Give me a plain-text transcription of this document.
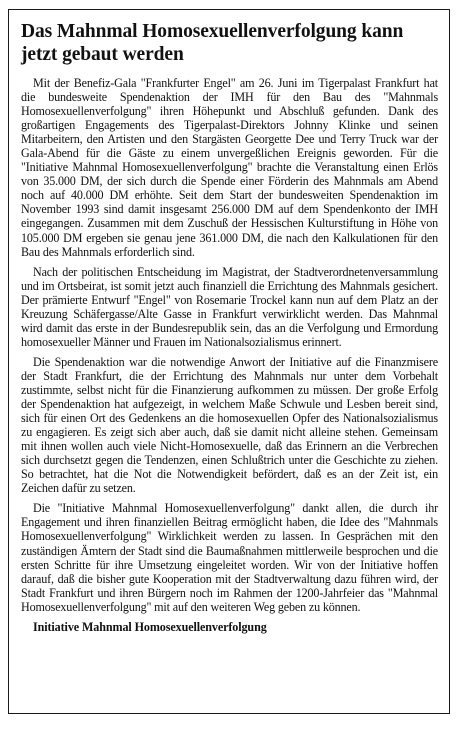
Das Mahnmal Homosexuellenverfolgung kann jetzt gebaut werden

Mit der Benefiz-Gala "Frankfurter Engel" am 26. Juni im Tigerpalast Frankfurt hat die bundesweite Spendenaktion der IMH für den Bau des "Mahnmals Homosexuellenverfolgung" ihren Höhepunkt und Abschluß gefunden. Dank des großartigen Engagements des Tigerpalast-Direktors Johnny Klinke und seinen Mitarbeitern, den Artisten und den Stargästen Georgette Dee und Terry Truck war der Gala-Abend für die Gäste zu einem unvergeßlichen Ereignis geworden. Für die "Initiative Mahnmal Homosexuellenverfolgung" brachte die Veranstaltung einen Erlös von 35.000 DM, der sich durch die Spende einer Förderin des Mahnmals am Abend noch auf 40.000 DM erhöhte. Seit dem Start der bundesweiten Spendenaktion im November 1993 sind damit insgesamt 256.000 DM auf dem Spendenkonto der IMH eingegangen. Zusammen mit dem Zuschuß der Hessischen Kulturstiftung in Höhe von 105.000 DM ergeben sie genau jene 361.000 DM, die nach den Kalkulationen für den Bau des Mahnmals erforderlich sind.

Nach der politischen Entscheidung im Magistrat, der Stadtverordnetenversammlung und im Ortsbeirat, ist somit jetzt auch finanziell die Errichtung des Mahnmals gesichert. Der prämierte Entwurf "Engel" von Rosemarie Trockel kann nun auf dem Platz an der Kreuzung Schäfergasse/Alte Gasse in Frankfurt verwirklicht werden. Das Mahnmal wird damit das erste in der Bundesrepublik sein, das an die Verfolgung und Ermordung homosexueller Männer und Frauen im Nationalsozialismus erinnert.

Die Spendenaktion war die notwendige Anwort der Initiative auf die Finanzmisere der Stadt Frankfurt, die der Errichtung des Mahnmals nur unter dem Vorbehalt zustimmte, selbst nicht für die Finanzierung aufkommen zu müssen. Der große Erfolg der Spendenaktion hat aufgezeigt, in welchem Maße Schwule und Lesben bereit sind, sich für einen Ort des Gedenkens an die homosexuellen Opfer des Nationalsozialismus zu engagieren. Es zeigt sich aber auch, daß sie damit nicht alleine stehen. Gemeinsam mit ihnen wollen auch viele Nicht-Homosexuelle, daß das Erinnern an die Verbrechen sich durchsetzt gegen die Tendenzen, einen Schlußtrich unter die Geschichte zu ziehen. So betrachtet, hat die Not die Notwendigkeit befördert, daß es an der Zeit ist, ein Zeichen dafür zu setzen.

Die "Initiative Mahnmal Homosexuellenverfolgung" dankt allen, die durch ihr Engagement und ihren finanziellen Beitrag ermöglicht haben, die Idee des "Mahnmals Homosexuellenverfolgung" Wirklichkeit werden zu lassen. In Gesprächen mit den zuständigen Ämtern der Stadt sind die Baumaßnahmen mittlerweile besprochen und die ersten Schritte für ihre Umsetzung eingeleitet worden. Wir von der Initiative hoffen darauf, daß die bisher gute Kooperation mit der Stadtverwaltung dazu führen wird, der Stadt Frankfurt und ihren Bürgern noch im Rahmen der 1200-Jahrfeier das "Mahnmal Homosexuellenverfolgung" mit auf den weiteren Weg geben zu können.

Initiative Mahnmal Homosexuellenverfolgung
